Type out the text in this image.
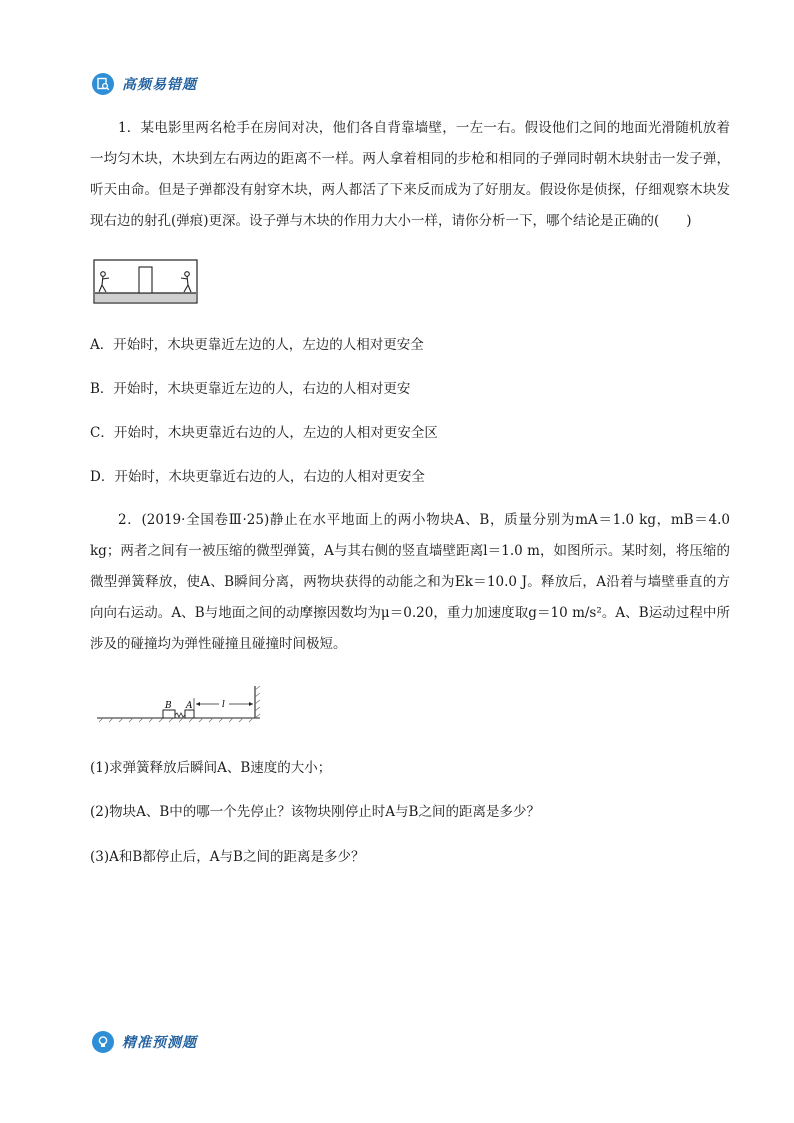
高频易错题

1．某电影里两名枪手在房间对决，他们各自背靠墙壁，一左一右。假设他们之间的地面光滑随机放着一均匀木块，木块到左右两边的距离不一样。两人拿着相同的步枪和相同的子弹同时朝木块射击一发子弹，听天由命。但是子弹都没有射穿木块，两人都活了下来反而成为了好朋友。假设你是侦探，仔细观察木块发现右边的射孔(弹痕)更深。设子弹与木块的作用力大小一样，请你分析一下，哪个结论是正确的(　　)

A．开始时，木块更靠近左边的人，左边的人相对更安全

B．开始时，木块更靠近左边的人，右边的人相对更安

C．开始时，木块更靠近右边的人，左边的人相对更安全区

D．开始时，木块更靠近右边的人，右边的人相对更安全

2．(2019·全国卷Ⅲ·25)静止在水平地面上的两小物块A、B，质量分别为mA＝1.0 kg，mB＝4.0 kg；两者之间有一被压缩的微型弹簧，A与其右侧的竖直墙壁距离l＝1.0 m，如图所示。某时刻，将压缩的微型弹簧释放，使A、B瞬间分离，两物块获得的动能之和为Ek＝10.0 J。释放后，A沿着与墙壁垂直的方向向右运动。A、B与地面之间的动摩擦因数均为μ＝0.20，重力加速度取g＝10 m/s²。A、B运动过程中所涉及的碰撞均为弹性碰撞且碰撞时间极短。

B A	l

(1)求弹簧释放后瞬间A、B速度的大小；

(2)物块A、B中的哪一个先停止？该物块刚停止时A与B之间的距离是多少？

(3)A和B都停止后，A与B之间的距离是多少？

精准预测题
